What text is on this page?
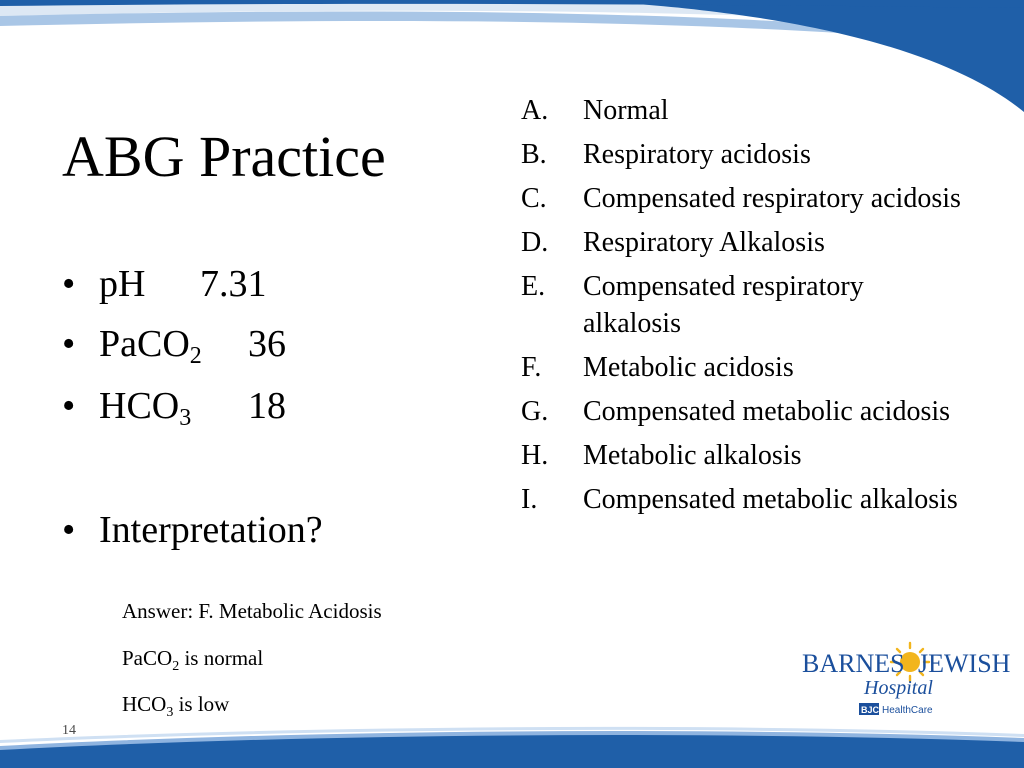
ABG Practice
• pH 7.31
• PaCO$_2$ 36
• $HCO_3$ 18
• Interpretation?
Answer: F. Metabolic Acidosis
PaCO$_2$ is normal
$HCO_3$ is low
A. Normal
B. Respiratory acidosis
C. Compensated respiratory acidosis
D. Respiratory Alkalosis
E. Compensated respiratory alkalosis
F. Metabolic acidosis
G. Compensated metabolic acidosis
H. Metabolic alkalosis
I. Compensated metabolic alkalosis
BARNES JEWISH
Hospital
BJC HealthCare
14
